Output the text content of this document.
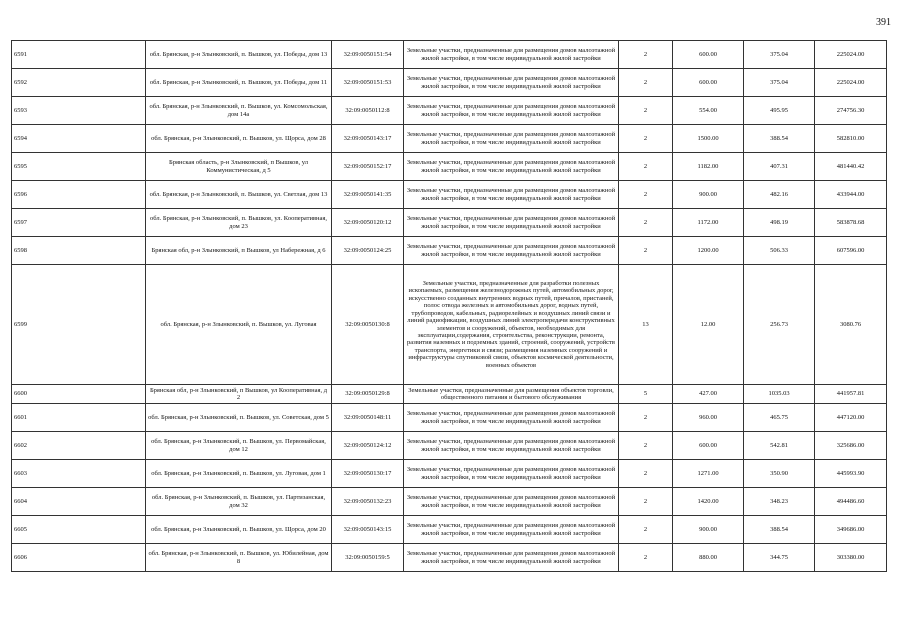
391
6591	обл. Брянская, р-н Злынковский, п. Вышков, ул. Победы, дом 13	32:09:0050151:54	Земельные участки, предназначенные для размещения домов малоэтажной жилой застройки, в том числе индивидуальной жилой застройки	2	600.00	375.04	225024.00
6592	обл. Брянская, р-н Злынковский, п. Вышков, ул. Победы, дом 11	32:09:0050151:53	Земельные участки, предназначенные для размещения домов малоэтажной жилой застройки, в том числе индивидуальной жилой застройки	2	600.00	375.04	225024.00
6593	обл. Брянская, р-н Злынковский, п. Вышков, ул. Комсомольская, дом 14а	32:09:0050112:8	Земельные участки, предназначенные для размещения домов малоэтажной жилой застройки, в том числе индивидуальной жилой застройки	2	554.00	495.95	274756.30
6594	обл. Брянская, р-н Злынковский, п. Вышков, ул. Щорса, дом 28	32:09:0050143:17	Земельные участки, предназначенные для размещения домов малоэтажной жилой застройки, в том числе индивидуальной жилой застройки	2	1500.00	388.54	582810.00
6595	Брянская область, р-н Злынковский, п Вышков, ул Коммунистическая, д 5	32:09:0050152:17	Земельные участки, предназначенные для размещения домов малоэтажной жилой застройки, в том числе индивидуальной жилой застройки	2	1182.00	407.31	481440.42
6596	обл. Брянская, р-н Злынковский, п. Вышков, ул. Светлая, дом 13	32:09:0050141:35	Земельные участки, предназначенные для размещения домов малоэтажной жилой застройки, в том числе индивидуальной жилой застройки	2	900.00	482.16	433944.00
6597	обл. Брянская, р-н Злынковский, п. Вышков, ул. Кооперативная, дом 23	32:09:0050120:12	Земельные участки, предназначенные для размещения домов малоэтажной жилой застройки, в том числе индивидуальной жилой застройки	2	1172.00	498.19	583878.68
6598	Брянская обл, р-н Злынковский, п Вышков, ул Набережная, д 6	32:09:0050124:25	Земельные участки, предназначенные для размещения домов малоэтажной жилой застройки, в том числе индивидуальной жилой застройки	2	1200.00	506.33	607596.00
6599	обл. Брянская, р-н Злынковский, п. Вышков, ул. Луговая	32:09:0050130:8	Земельные участки, предназначенные для разработки полезных ископаемых, размещения железнодорожных путей, автомобильных дорог, искусственно созданных внутренних водных путей, причалов, пристаней, полос отвода железных и автомобильных дорог, водных путей, трубопроводов, кабельных, радиорелейных и воздушных линий связи и линий радиофикации, воздушных линий электропередачи конструктивных элементов и сооружений, объектов, необходимых для эксплуатации,содержания, строительства, реконструкции, ремонта, развития наземных и подземных зданий, строений, сооружений, устройств транспорта, энергетики и связи; размещения наземных сооружений и инфраструктуры спутниковой связи, объектов космической деятельности, военных объектов	13	12.00	256.73	3080.76
6600	Брянская обл, р-н Злынковский, п Вышков, ул Кооперативная, д 2	32:09:0050129:8	Земельные участки, предназначенные для размещения объектов торговли, общественного питания и бытового обслуживания	5	427.00	1035.03	441957.81
6601	обл. Брянская, р-н Злынковский, п. Вышков, ул. Советская, дом 5	32:09:0050148:11	Земельные участки, предназначенные для размещения домов малоэтажной жилой застройки, в том числе индивидуальной жилой застройки	2	960.00	465.75	447120.00
6602	обл. Брянская, р-н Злынковский, п. Вышков, ул. Первомайская, дом 12	32:09:0050124:12	Земельные участки, предназначенные для размещения домов малоэтажной жилой застройки, в том числе индивидуальной жилой застройки	2	600.00	542.81	325686.00
6603	обл. Брянская, р-н Злынковский, п. Вышков, ул. Луговая, дом 1	32:09:0050130:17	Земельные участки, предназначенные для размещения домов малоэтажной жилой застройки, в том числе индивидуальной жилой застройки	2	1271.00	350.90	445993.90
6604	обл. Брянская, р-н Злынковский, п. Вышков, ул. Партизанская, дом 32	32:09:0050132:23	Земельные участки, предназначенные для размещения домов малоэтажной жилой застройки, в том числе индивидуальной жилой застройки	2	1420.00	348.23	494486.60
6605	обл. Брянская, р-н Злынковский, п. Вышков, ул. Щорса, дом 20	32:09:0050143:15	Земельные участки, предназначенные для размещения домов малоэтажной жилой застройки, в том числе индивидуальной жилой застройки	2	900.00	388.54	349686.00
6606	обл. Брянская, р-н Злынковский, п. Вышков, ул. Юбилейная, дом 8	32:09:0050159:5	Земельные участки, предназначенные для размещения домов малоэтажной жилой застройки, в том числе индивидуальной жилой застройки	2	880.00	344.75	303380.00
